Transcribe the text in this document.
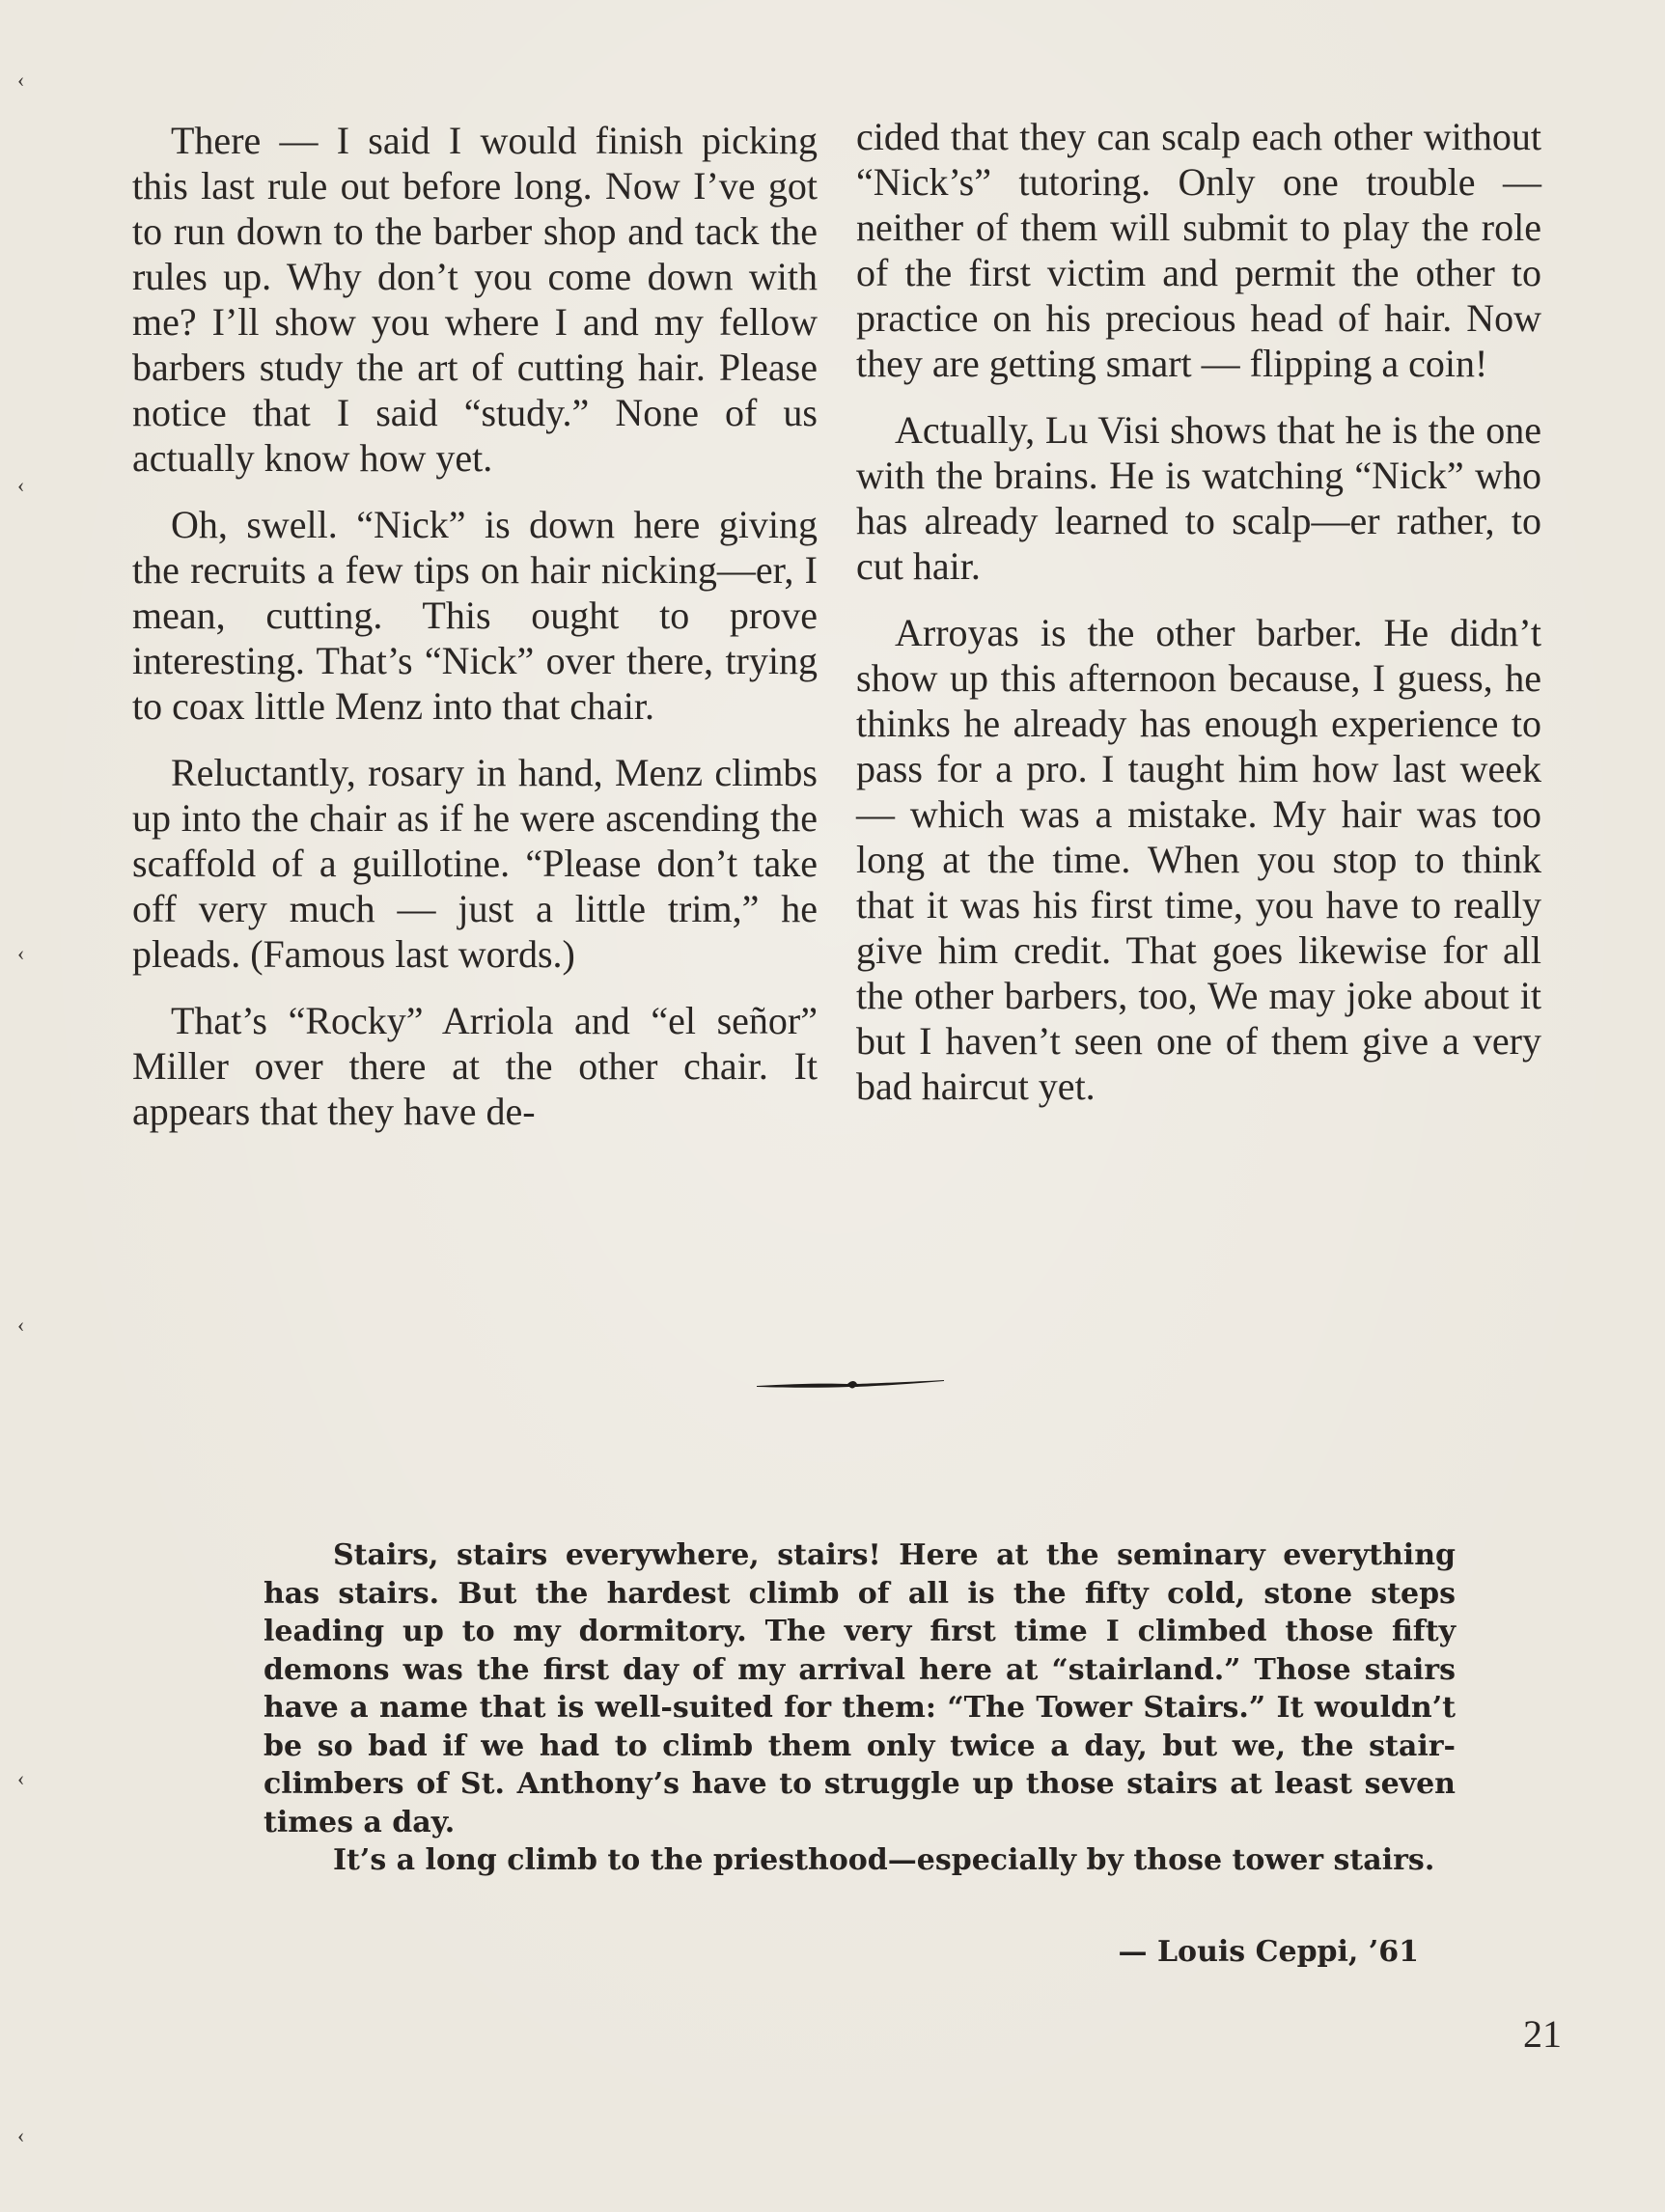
There — I said I would finish picking this last rule out before long. Now I’ve got to run down to the barber shop and tack the rules up. Why don’t you come down with me? I’ll show you where I and my fellow barbers study the art of cutting hair. Please notice that I said “study.” None of us actually know how yet.

Oh, swell. “Nick” is down here giving the recruits a few tips on hair nicking—er, I mean, cutting. This ought to prove interesting. That’s “Nick” over there, trying to coax little Menz into that chair.

Reluctantly, rosary in hand, Menz climbs up into the chair as if he were ascending the scaffold of a guillotine. “Please don’t take off very much — just a little trim,” he pleads. (Famous last words.)

That’s “Rocky” Arriola and “el señor” Miller over there at the other chair. It appears that they have de-

cided that they can scalp each other without “Nick’s” tutoring. Only one trouble — neither of them will submit to play the role of the first victim and permit the other to practice on his precious head of hair. Now they are getting smart — flipping a coin!

Actually, Lu Visi shows that he is the one with the brains. He is watching “Nick” who has already learned to scalp—er rather, to cut hair.

Arroyas is the other barber. He didn’t show up this afternoon because, I guess, he thinks he already has enough experience to pass for a pro. I taught him how last week — which was a mistake. My hair was too long at the time. When you stop to think that it was his first time, you have to really give him credit. That goes likewise for all the other barbers, too, We may joke about it but I haven’t seen one of them give a very bad haircut yet.

Stairs, stairs everywhere, stairs! Here at the seminary everything has stairs. But the hardest climb of all is the fifty cold, stone steps leading up to my dormitory. The very first time I climbed those fifty demons was the first day of my arrival here at “stairland.” Those stairs have a name that is well-suited for them: “The Tower Stairs.” It wouldn’t be so bad if we had to climb them only twice a day, but we, the stair-climbers of St. Anthony’s have to struggle up those stairs at least seven times a day.

It’s a long climb to the priesthood—especially by those tower stairs.

— Louis Ceppi, ’61
21
‹
‹
‹
‹
‹
‹
